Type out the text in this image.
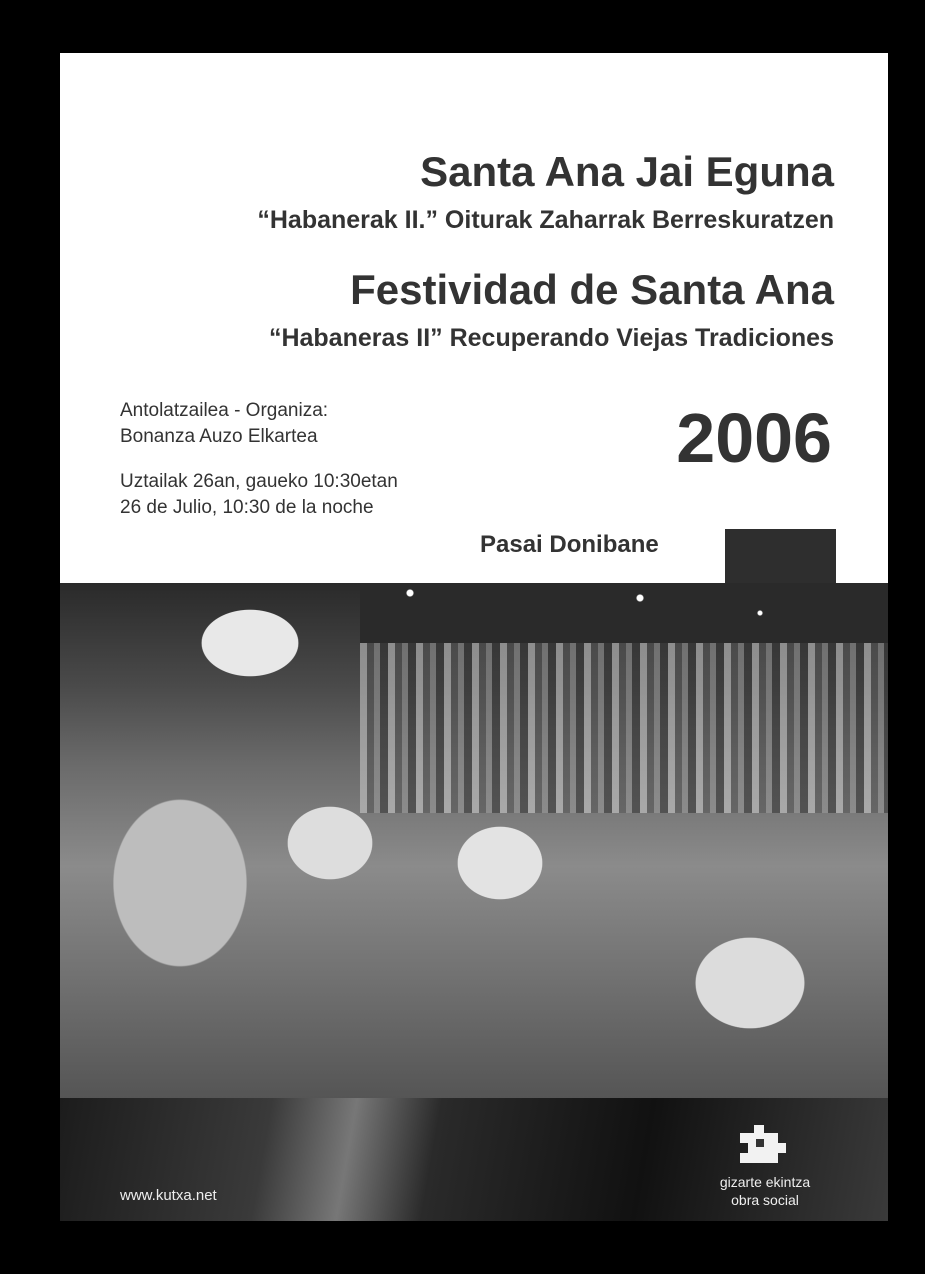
Santa Ana Jai Eguna
“Habanerak II.” Oiturak Zaharrak Berreskuratzen
Festividad de Santa Ana
“Habaneras II” Recuperando Viejas Tradiciones
Antolatzailea - Organiza:
Bonanza Auzo Elkartea
Uztailak 26an, gaueko 10:30etan
26 de Julio, 10:30 de la noche
2006
Pasai Donibane
www.kutxa.net
gizarte ekintza
obra social
